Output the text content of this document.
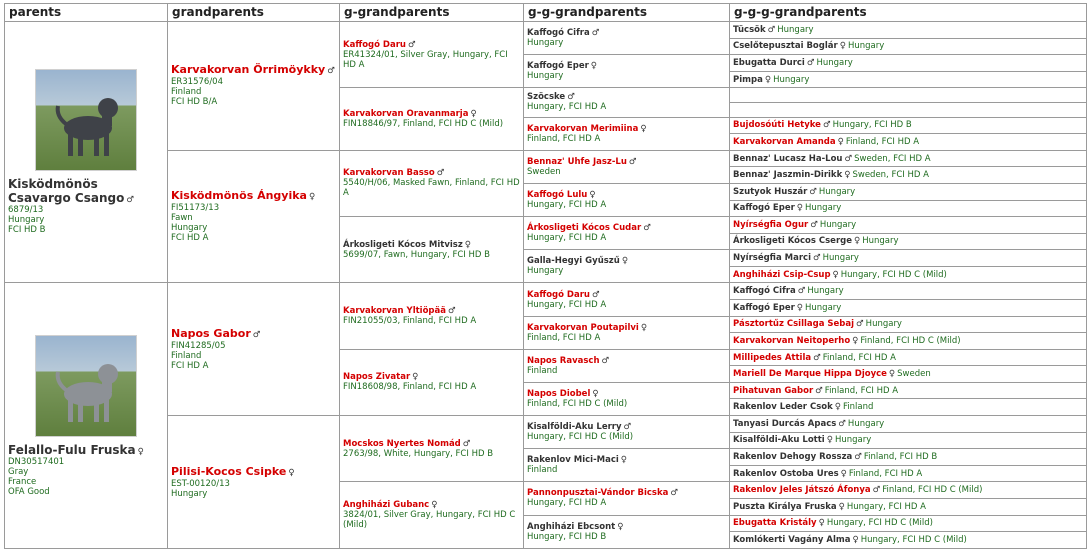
parents	grandparents	g-grandparents	g-g-grandparents	g-g-g-grandparents

Kisködmönös Csavargo Csango ♂
6879/13
Hungary
FCI HD B	Karvakorvan Örrimöykky ♂
ER31576/04
Finland
FCI HD B/A	Kaffogó Daru ♂
ER41324/01, Silver Gray, Hungary, FCI HD A	Kaffogó Cifra ♂
Hungary	Tücsök ♂ Hungary
				Cselőtepusztai Boglár ♀ Hungary

			Kaffogó Eper ♀
Hungary	Ebugatta Durci ♂ Hungary
				Pimpa ♀ Hungary

		Karvakorvan Oravanmarja ♀
FIN18846/97, Finland, FCI HD C (Mild)	Szöcske ♂
Hungary, FCI HD A	

			Karvakorvan Merimiina ♀
Finland, FCI HD A	Bujdosóúti Hetyke ♂ Hungary, FCI HD B
				Karvakorvan Amanda ♀ Finland, FCI HD A

	Kisködmönös Ángyika ♀
FI51173/13
Fawn
Hungary
FCI HD A	Karvakorvan Basso ♂
5540/H/06, Masked Fawn, Finland, FCI HD A	Bennaz' Uhfe Jasz-Lu ♂
Sweden	Bennaz' Lucasz Ha-Lou ♂ Sweden, FCI HD A
				Bennaz' Jaszmin-Dirikk ♀ Sweden, FCI HD A

			Kaffogó Lulu ♀
Hungary, FCI HD A	Szutyok Huszár ♂ Hungary
				Kaffogó Eper ♀ Hungary

		Árkosligeti Kócos Mitvisz ♀
5699/07, Fawn, Hungary, FCI HD B	Árkosligeti Kócos Cudar ♂
Hungary, FCI HD A	Nyírségfia Ogur ♂ Hungary
				Árkosligeti Kócos Cserge ♀ Hungary

			Galla-Hegyi Gyűszű ♀
Hungary	Nyírségfia Marci ♂ Hungary
				Anghiházi Csip-Csup ♀ Hungary, FCI HD C (Mild)

Felallo-Fulu Fruska ♀
DN30517401
Gray
France
OFA Good	Napos Gabor ♂
FIN41285/05
Finland
FCI HD A	Karvakorvan Yltiöpää ♂
FIN21055/03, Finland, FCI HD A	Kaffogó Daru ♂
Hungary, FCI HD A	Kaffogó Cifra ♂ Hungary
				Kaffogó Eper ♀ Hungary

			Karvakorvan Poutapilvi ♀
Finland, FCI HD A	Pásztortűz Csillaga Sebaj ♂ Hungary
				Karvakorvan Neitoperho ♀ Finland, FCI HD C (Mild)

		Napos Zivatar ♀
FIN18608/98, Finland, FCI HD A	Napos Ravasch ♂
Finland	Millipedes Attila ♂ Finland, FCI HD A
				Mariell De Marque Hippa Djoyce ♀ Sweden

			Napos Diobel ♀
Finland, FCI HD C (Mild)	Pihatuvan Gabor ♂ Finland, FCI HD A
				Rakenlov Leder Csok ♀ Finland

	Pilisi-Kocos Csipke ♀
EST-00120/13
Hungary	Mocskos Nyertes Nomád ♂
2763/98, White, Hungary, FCI HD B	Kisalföldi-Aku Lerry ♂
Hungary, FCI HD C (Mild)	Tanyasi Durcás Apacs ♂ Hungary
				Kisalföldi-Aku Lotti ♀ Hungary

			Rakenlov Mici-Maci ♀
Finland	Rakenlov Dehogy Rossza ♂ Finland, FCI HD B
				Rakenlov Ostoba Ures ♀ Finland, FCI HD A

		Anghiházi Gubanc ♀
3824/01, Silver Gray, Hungary, FCI HD C (Mild)	Pannonpusztai-Vándor Bicska ♂
Hungary, FCI HD A	Rakenlov Jeles Játszó Áfonya ♂ Finland, FCI HD C (Mild)
				Puszta Királya Fruska ♀ Hungary, FCI HD A

			Anghiházi Ebcsont ♀
Hungary, FCI HD B	Ebugatta Kristály ♀ Hungary, FCI HD C (Mild)
				Komlókerti Vagány Alma ♀ Hungary, FCI HD C (Mild)
